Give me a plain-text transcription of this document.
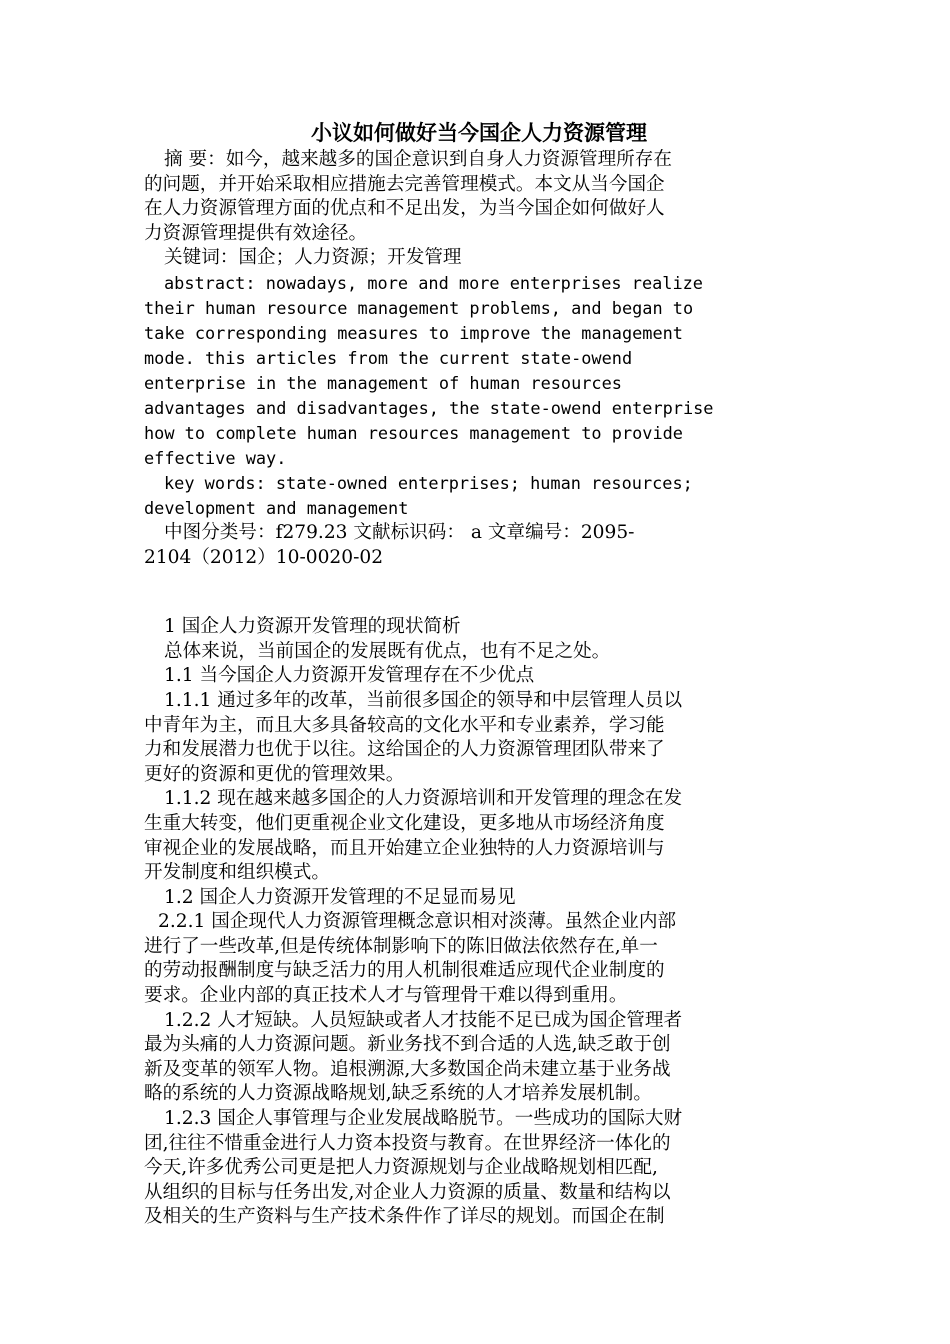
小议如何做好当今国企人力资源管理
摘 要：如今，越来越多的国企意识到自身人力资源管理所存在
的问题，并开始采取相应措施去完善管理模式。本文从当今国企
在人力资源管理方面的优点和不足出发，为当今国企如何做好人
力资源管理提供有效途径。
关键词：国企；人力资源；开发管理
abstract: nowadays, more and more enterprises realize
their human resource management problems, and began to
take corresponding measures to improve the management
mode. this articles from the current state-owend
enterprise in the management of human resources
advantages and disadvantages, the state-owend enterprise
how to complete human resources management to provide
effective way.
key words: state-owned enterprises; human resources;
development and management
中图分类号：f279.23 文献标识码： a 文章编号：2095-
2104（2012）10-0020-02
1 国企人力资源开发管理的现状简析
总体来说，当前国企的发展既有优点，也有不足之处。
1.1 当今国企人力资源开发管理存在不少优点
1.1.1 通过多年的改革，当前很多国企的领导和中层管理人员以
中青年为主，而且大多具备较高的文化水平和专业素养，学习能
力和发展潜力也优于以往。这给国企的人力资源管理团队带来了
更好的资源和更优的管理效果。
1.1.2 现在越来越多国企的人力资源培训和开发管理的理念在发
生重大转变，他们更重视企业文化建设，更多地从市场经济角度
审视企业的发展战略，而且开始建立企业独特的人力资源培训与
开发制度和组织模式。
1.2 国企人力资源开发管理的不足显而易见
2.2.1 国企现代人力资源管理概念意识相对淡薄。虽然企业内部
进行了一些改革,但是传统体制影响下的陈旧做法依然存在,单一
的劳动报酬制度与缺乏活力的用人机制很难适应现代企业制度的
要求。企业内部的真正技术人才与管理骨干难以得到重用。
1.2.2 人才短缺。人员短缺或者人才技能不足已成为国企管理者
最为头痛的人力资源问题。新业务找不到合适的人选,缺乏敢于创
新及变革的领军人物。追根溯源,大多数国企尚未建立基于业务战
略的系统的人力资源战略规划,缺乏系统的人才培养发展机制。
1.2.3 国企人事管理与企业发展战略脱节。一些成功的国际大财
团,往往不惜重金进行人力资本投资与教育。在世界经济一体化的
今天,许多优秀公司更是把人力资源规划与企业战略规划相匹配,
从组织的目标与任务出发,对企业人力资源的质量、数量和结构以
及相关的生产资料与生产技术条件作了详尽的规划。而国企在制
